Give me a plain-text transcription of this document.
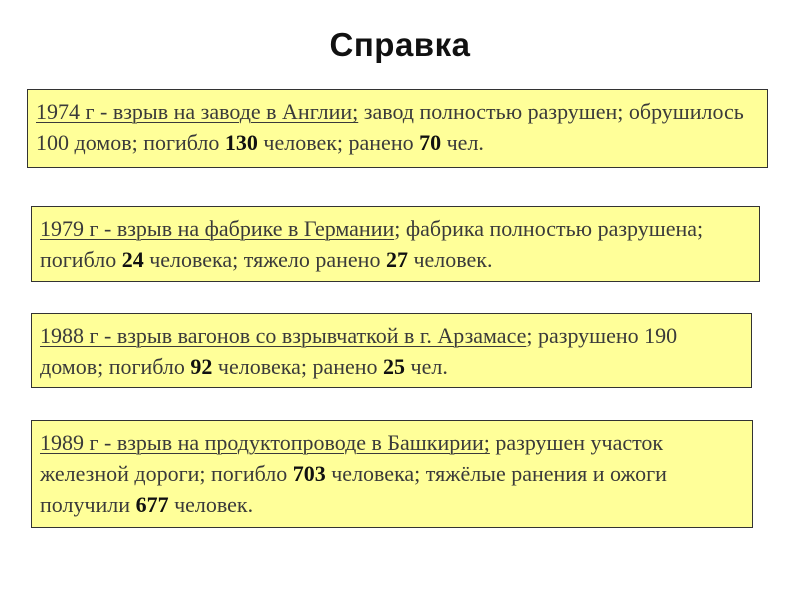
Справка
1974 г - взрыв на заводе в Англии; завод полностью разрушен; обрушилось 100 домов; погибло 130 человек; ранено 70 чел.
1979 г - взрыв на фабрике в Германии; фабрика полностью разрушена; погибло 24 человека; тяжело ранено 27 человек.
1988 г - взрыв вагонов со взрывчаткой в г. Арзамасе; разрушено 190 домов; погибло 92 человека; ранено 25 чел.
1989 г - взрыв на продуктопроводе в Башкирии; разрушен участок железной дороги; погибло 703 человека; тяжёлые ранения и ожоги получили 677 человек.
